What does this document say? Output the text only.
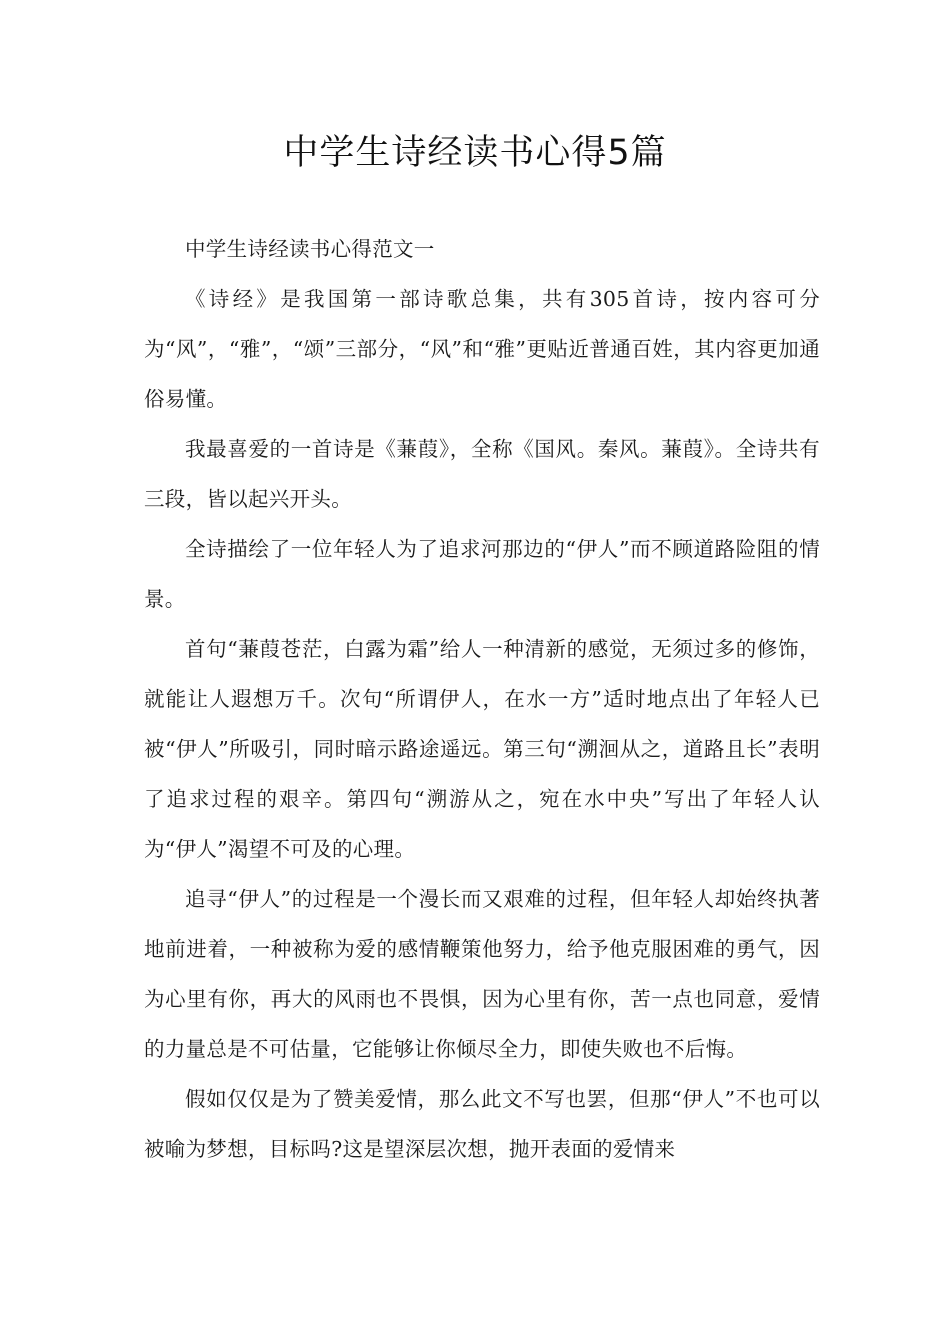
中学生诗经读书心得5篇

中学生诗经读书心得范文一

《诗经》是我国第一部诗歌总集，共有305首诗，按内容可分为“风”，“雅”，“颂”三部分，“风”和“雅”更贴近普通百姓，其内容更加通俗易懂。

我最喜爱的一首诗是《蒹葭》，全称《国风。秦风。蒹葭》。全诗共有三段，皆以起兴开头。

全诗描绘了一位年轻人为了追求河那边的“伊人”而不顾道路险阻的情景。

首句“蒹葭苍茫，白露为霜”给人一种清新的感觉，无须过多的修饰，就能让人遐想万千。次句“所谓伊人，在水一方”适时地点出了年轻人已被“伊人”所吸引，同时暗示路途遥远。第三句“溯洄从之，道路且长”表明了追求过程的艰辛。第四句“溯游从之，宛在水中央”写出了年轻人认为“伊人”渴望不可及的心理。

追寻“伊人”的过程是一个漫长而又艰难的过程，但年轻人却始终执著地前进着，一种被称为爱的感情鞭策他努力，给予他克服困难的勇气，因为心里有你，再大的风雨也不畏惧，因为心里有你，苦一点也同意，爱情的力量总是不可估量，它能够让你倾尽全力，即使失败也不后悔。

假如仅仅是为了赞美爱情，那么此文不写也罢，但那“伊人”不也可以被喻为梦想，目标吗?这是望深层次想，抛开表面的爱情来
